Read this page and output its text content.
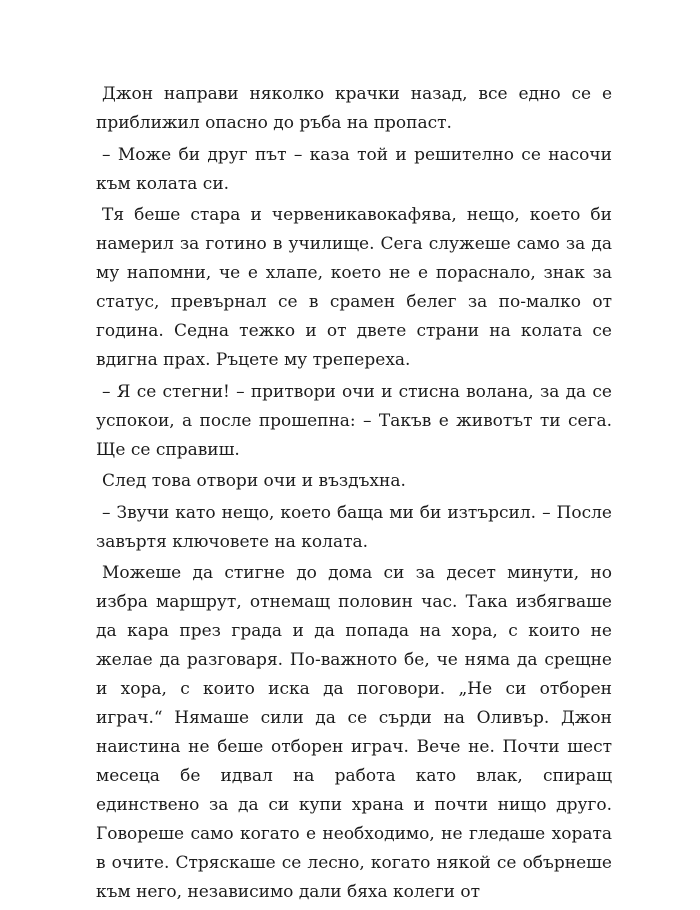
Джон направи няколко крачки назад, все едно се е приближил опасно до ръба на пропаст.

– Може би друг път – каза той и решително се насочи към колата си.

Тя беше стара и червеникавокафява, нещо, което би намерил за готино в училище. Сега служеше само за да му напомни, че е хлапе, което не е пораснало, знак за статус, превърнал се в срамен белег за по-малко от година. Седна тежко и от двете страни на колата се вдигна прах. Ръцете му трепереха.

– Я се стегни! – притвори очи и стисна волана, за да се успокои, а после прошепна: – Такъв е животът ти сега. Ще се справиш.

След това отвори очи и въздъхна.

– Звучи като нещо, което баща ми би изтърсил. – После завъртя ключовете на колата.

Можеше да стигне до дома си за десет минути, но избра маршрут, отнемащ половин час. Така избягваше да кара през града и да попада на хора, с които не желае да разговаря. По-важното бе, че няма да срещне и хора, с които иска да поговори. „Не си отборен играч.“ Нямаше сили да се сърди на Оливър. Джон наистина не беше отборен играч. Вече не. Почти шест месеца бе идвал на работа като влак, спиращ единствено за да си купи храна и почти нищо друго. Говореше само когато е необходимо, не гледаше хората в очите. Стряскаше се лесно, когато някой се обърнеше към него, независимо дали бяха колеги от
